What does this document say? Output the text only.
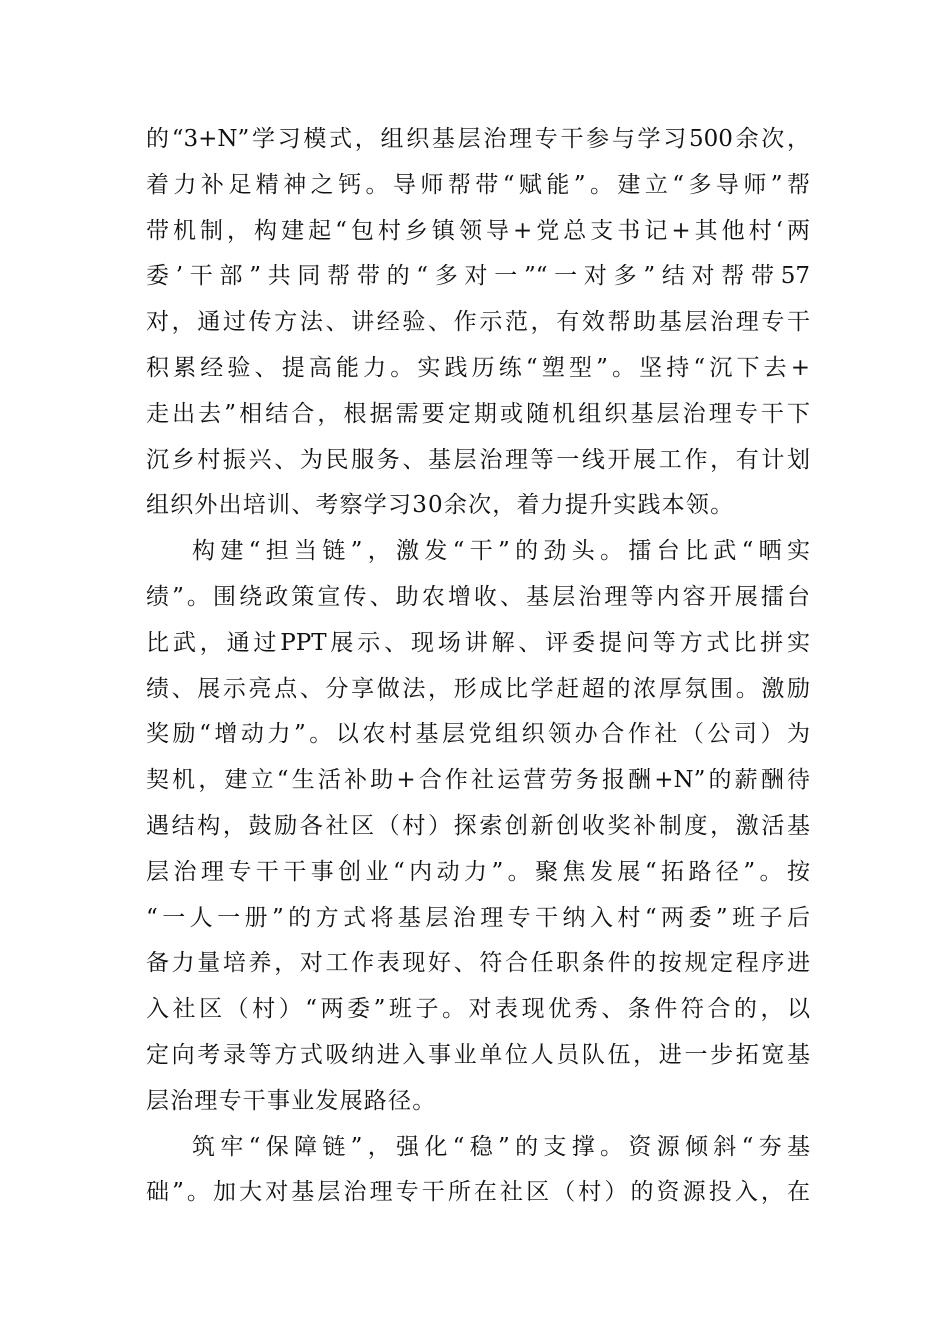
的“3+N”学习模式，组织基层治理专干参与学习500余次，
着力补足精神之钙。导师帮带“赋能”。建立“多导师”帮
带机制，构建起“包村乡镇领导+党总支书记+其他村‘两
委’干部”共同帮带的“多对一”“一对多”结对帮带57
对，通过传方法、讲经验、作示范，有效帮助基层治理专干
积累经验、提高能力。实践历练“塑型”。坚持“沉下去+
走出去”相结合，根据需要定期或随机组织基层治理专干下
沉乡村振兴、为民服务、基层治理等一线开展工作，有计划
组织外出培训、考察学习30余次，着力提升实践本领。
构建“担当链”，激发“干”的劲头。擂台比武“晒实
绩”。围绕政策宣传、助农增收、基层治理等内容开展擂台
比武，通过PPT展示、现场讲解、评委提问等方式比拼实
绩、展示亮点、分享做法，形成比学赶超的浓厚氛围。激励
奖励“增动力”。以农村基层党组织领办合作社（公司）为
契机，建立“生活补助+合作社运营劳务报酬+N”的薪酬待
遇结构，鼓励各社区（村）探索创新创收奖补制度，激活基
层治理专干干事创业“内动力”。聚焦发展“拓路径”。按
“一人一册”的方式将基层治理专干纳入村“两委”班子后
备力量培养，对工作表现好、符合任职条件的按规定程序进
入社区（村）“两委”班子。对表现优秀、条件符合的，以
定向考录等方式吸纳进入事业单位人员队伍，进一步拓宽基
层治理专干事业发展路径。
筑牢“保障链”，强化“稳”的支撑。资源倾斜“夯基
础”。加大对基层治理专干所在社区（村）的资源投入，在
